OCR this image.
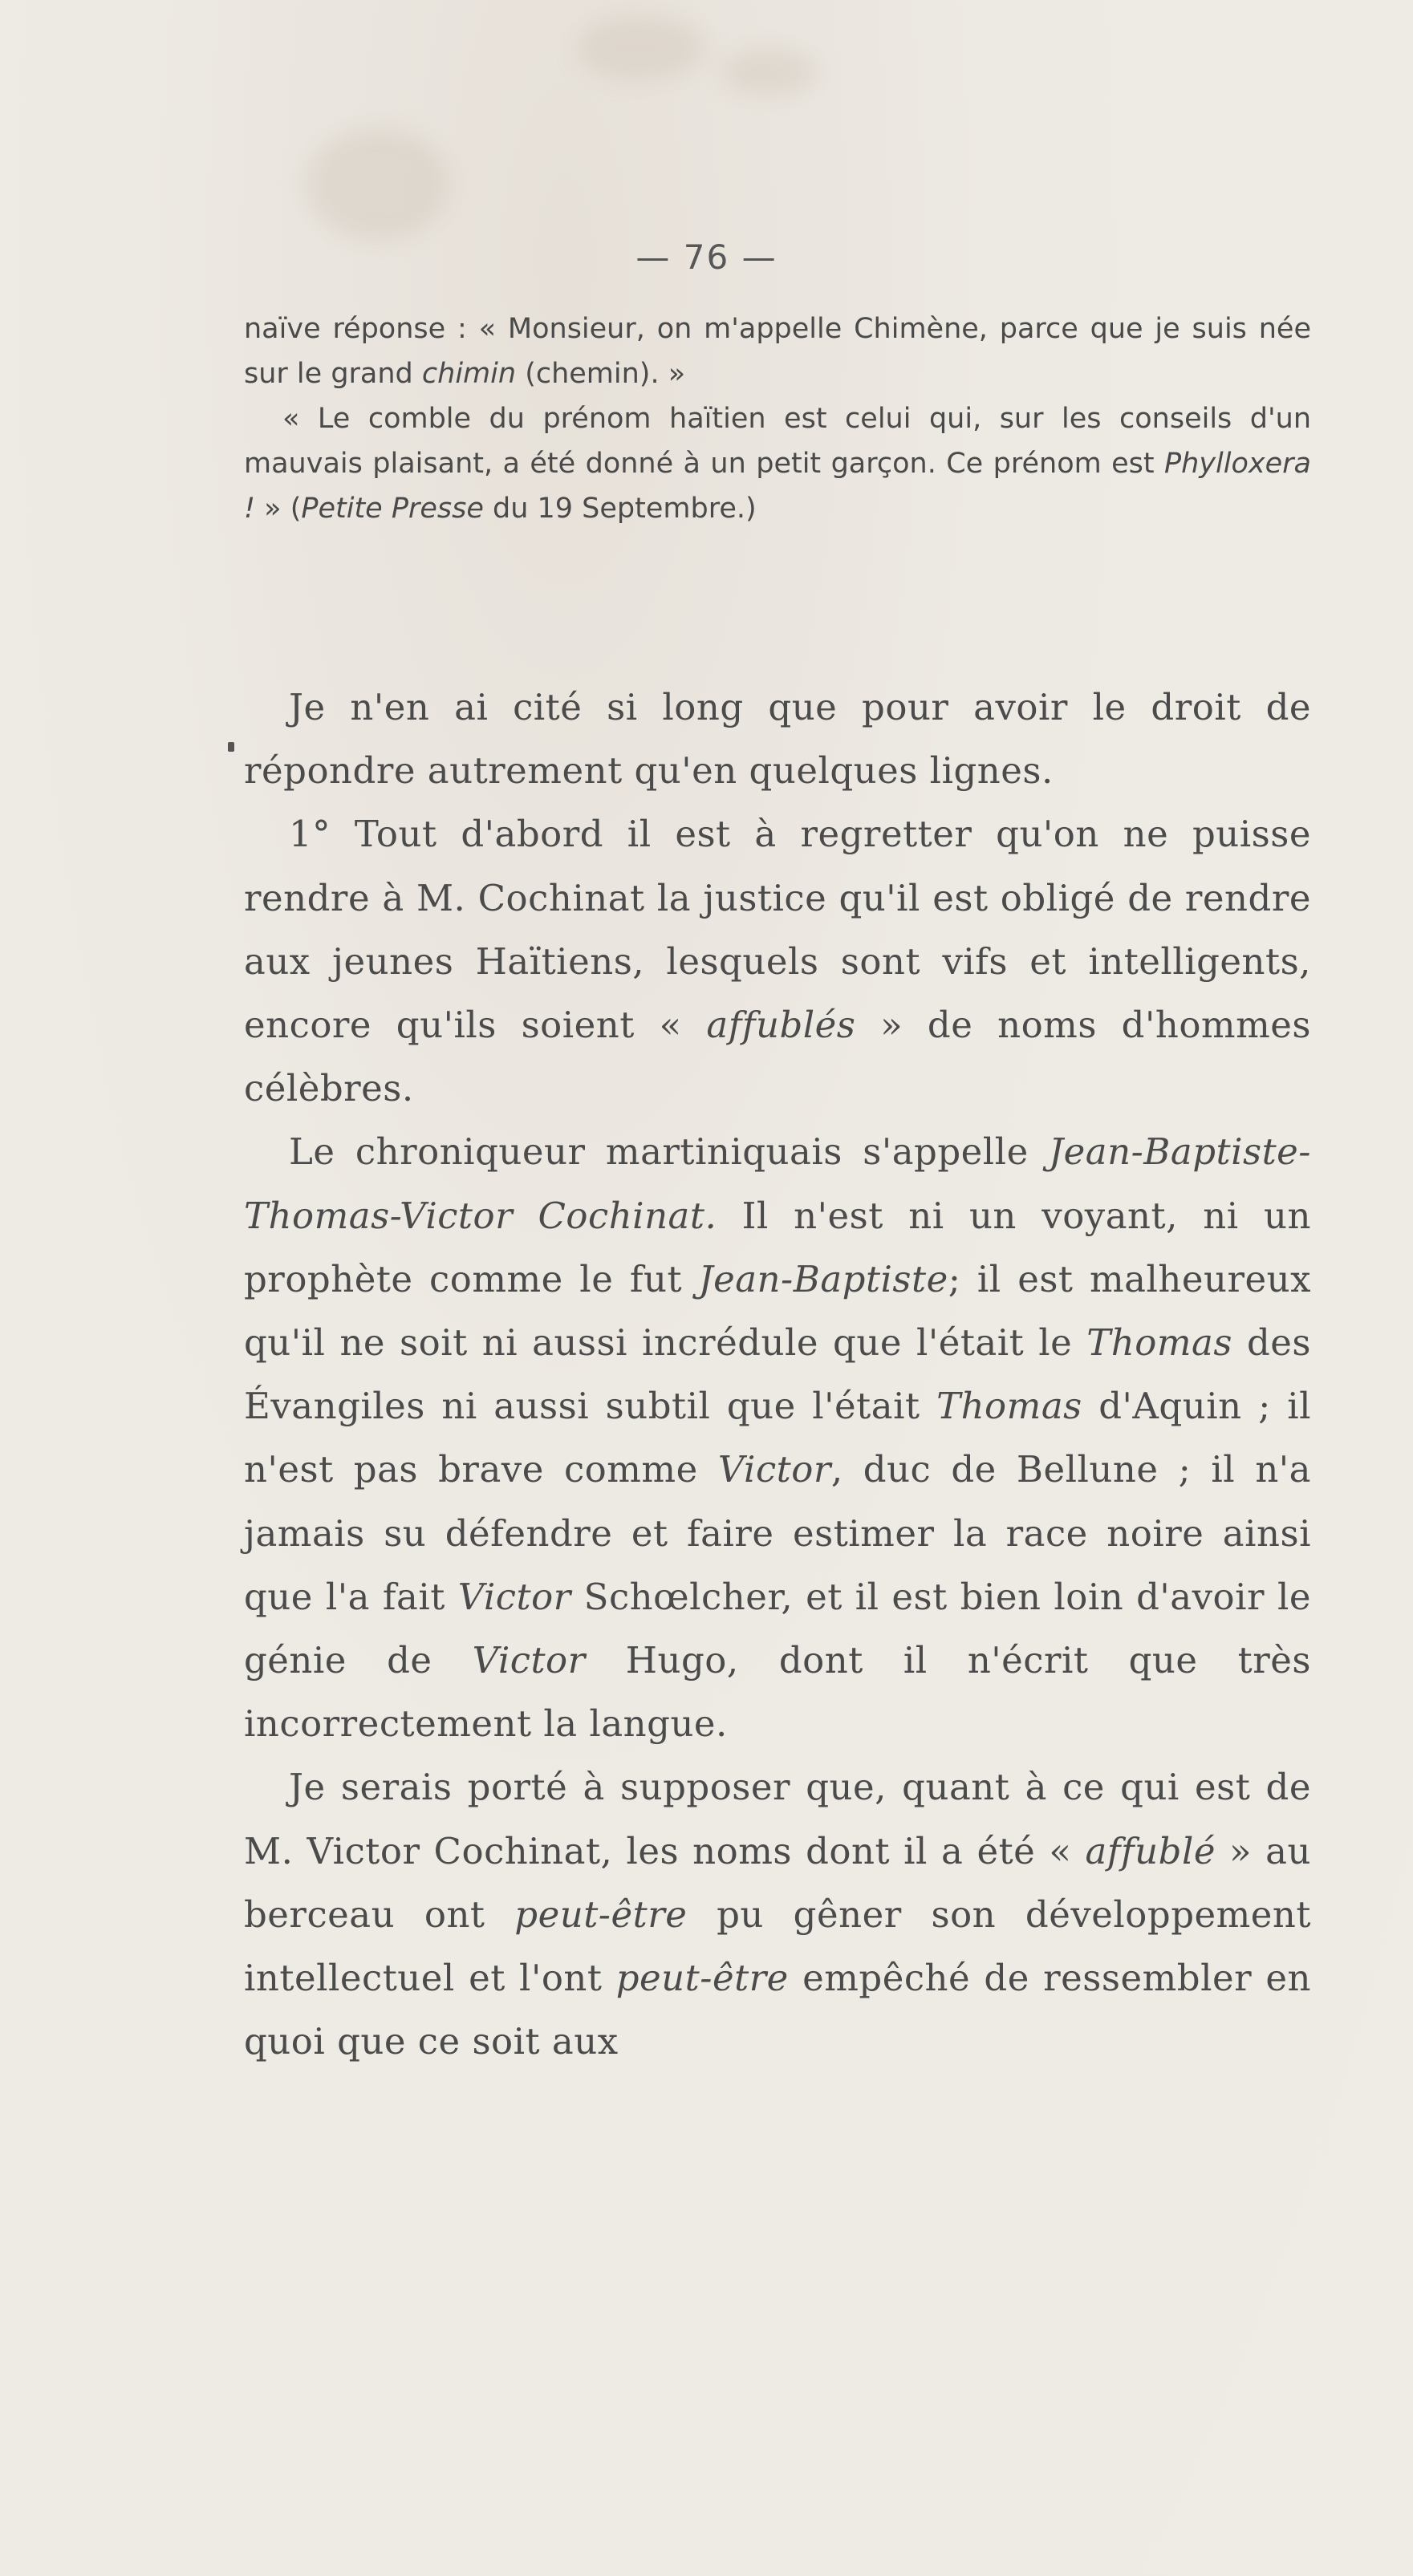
— 76 —

naïve réponse : « Monsieur, on m'appelle Chimène, parce que je suis née sur le grand chimin (chemin). »

« Le comble du prénom haïtien est celui qui, sur les conseils d'un mauvais plaisant, a été donné à un petit garçon. Ce prénom est Phylloxera ! » (Petite Presse du 19 Septembre.)

Je n'en ai cité si long que pour avoir le droit de répondre autrement qu'en quelques lignes.

1° Tout d'abord il est à regretter qu'on ne puisse rendre à M. Cochinat la justice qu'il est obligé de rendre aux jeunes Haïtiens, lesquels sont vifs et intelligents, encore qu'ils soient « affublés » de noms d'hommes célèbres.

Le chroniqueur martiniquais s'appelle Jean-Baptiste-Thomas-Victor Cochinat. Il n'est ni un voyant, ni un prophète comme le fut Jean-Baptiste; il est malheureux qu'il ne soit ni aussi incrédule que l'était le Thomas des Évangiles ni aussi subtil que l'était Thomas d'Aquin ; il n'est pas brave comme Victor, duc de Bellune ; il n'a jamais su défendre et faire estimer la race noire ainsi que l'a fait Victor Schœlcher, et il est bien loin d'avoir le génie de Victor Hugo, dont il n'écrit que très incorrectement la langue.

Je serais porté à supposer que, quant à ce qui est de M. Victor Cochinat, les noms dont il a été « affublé » au berceau ont peut-être pu gêner son développement intellectuel et l'ont peut-être empêché de ressembler en quoi que ce soit aux
